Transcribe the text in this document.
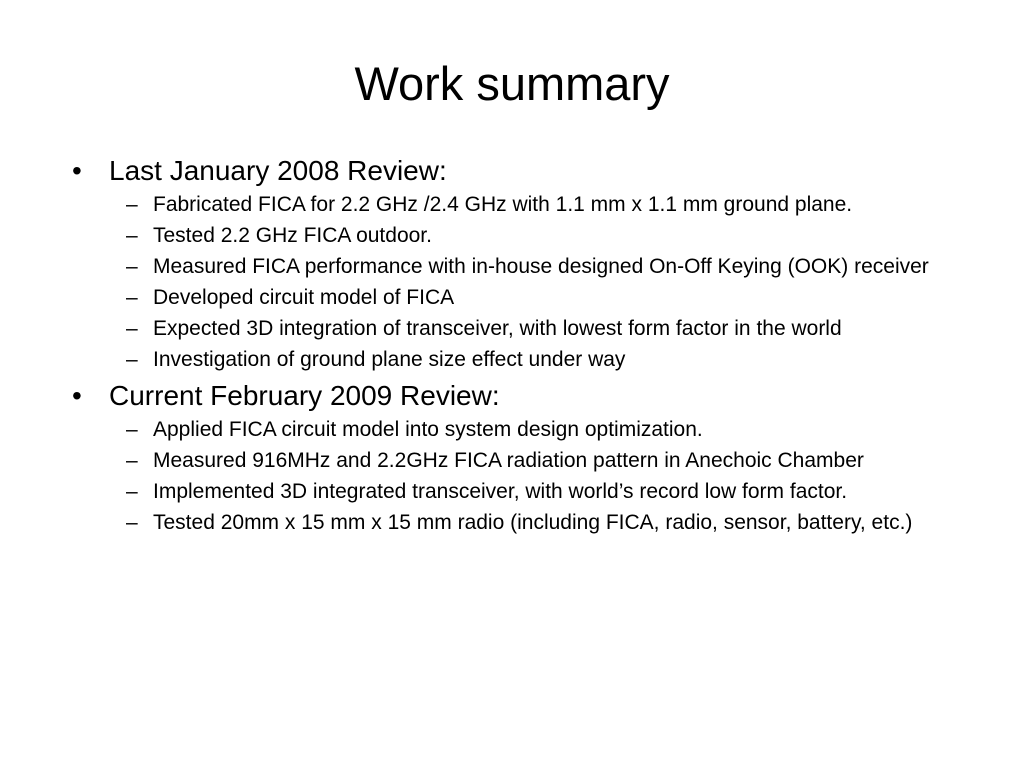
Work summary
• Last January 2008 Review:
– Fabricated FICA for 2.2 GHz /2.4 GHz with 1.1 mm x 1.1 mm ground plane.
– Tested 2.2 GHz FICA outdoor.
– Measured FICA performance with in-house designed On-Off Keying (OOK) receiver
– Developed circuit model of FICA
– Expected 3D integration of transceiver, with lowest form factor in the world
– Investigation of ground plane size effect under way
• Current February 2009 Review:
– Applied FICA circuit model into system design optimization.
– Measured 916MHz and 2.2GHz FICA radiation pattern in Anechoic Chamber
– Implemented 3D integrated transceiver, with world’s record low form factor.
– Tested 20mm x 15 mm x 15 mm radio (including FICA, radio, sensor, battery, etc.)
